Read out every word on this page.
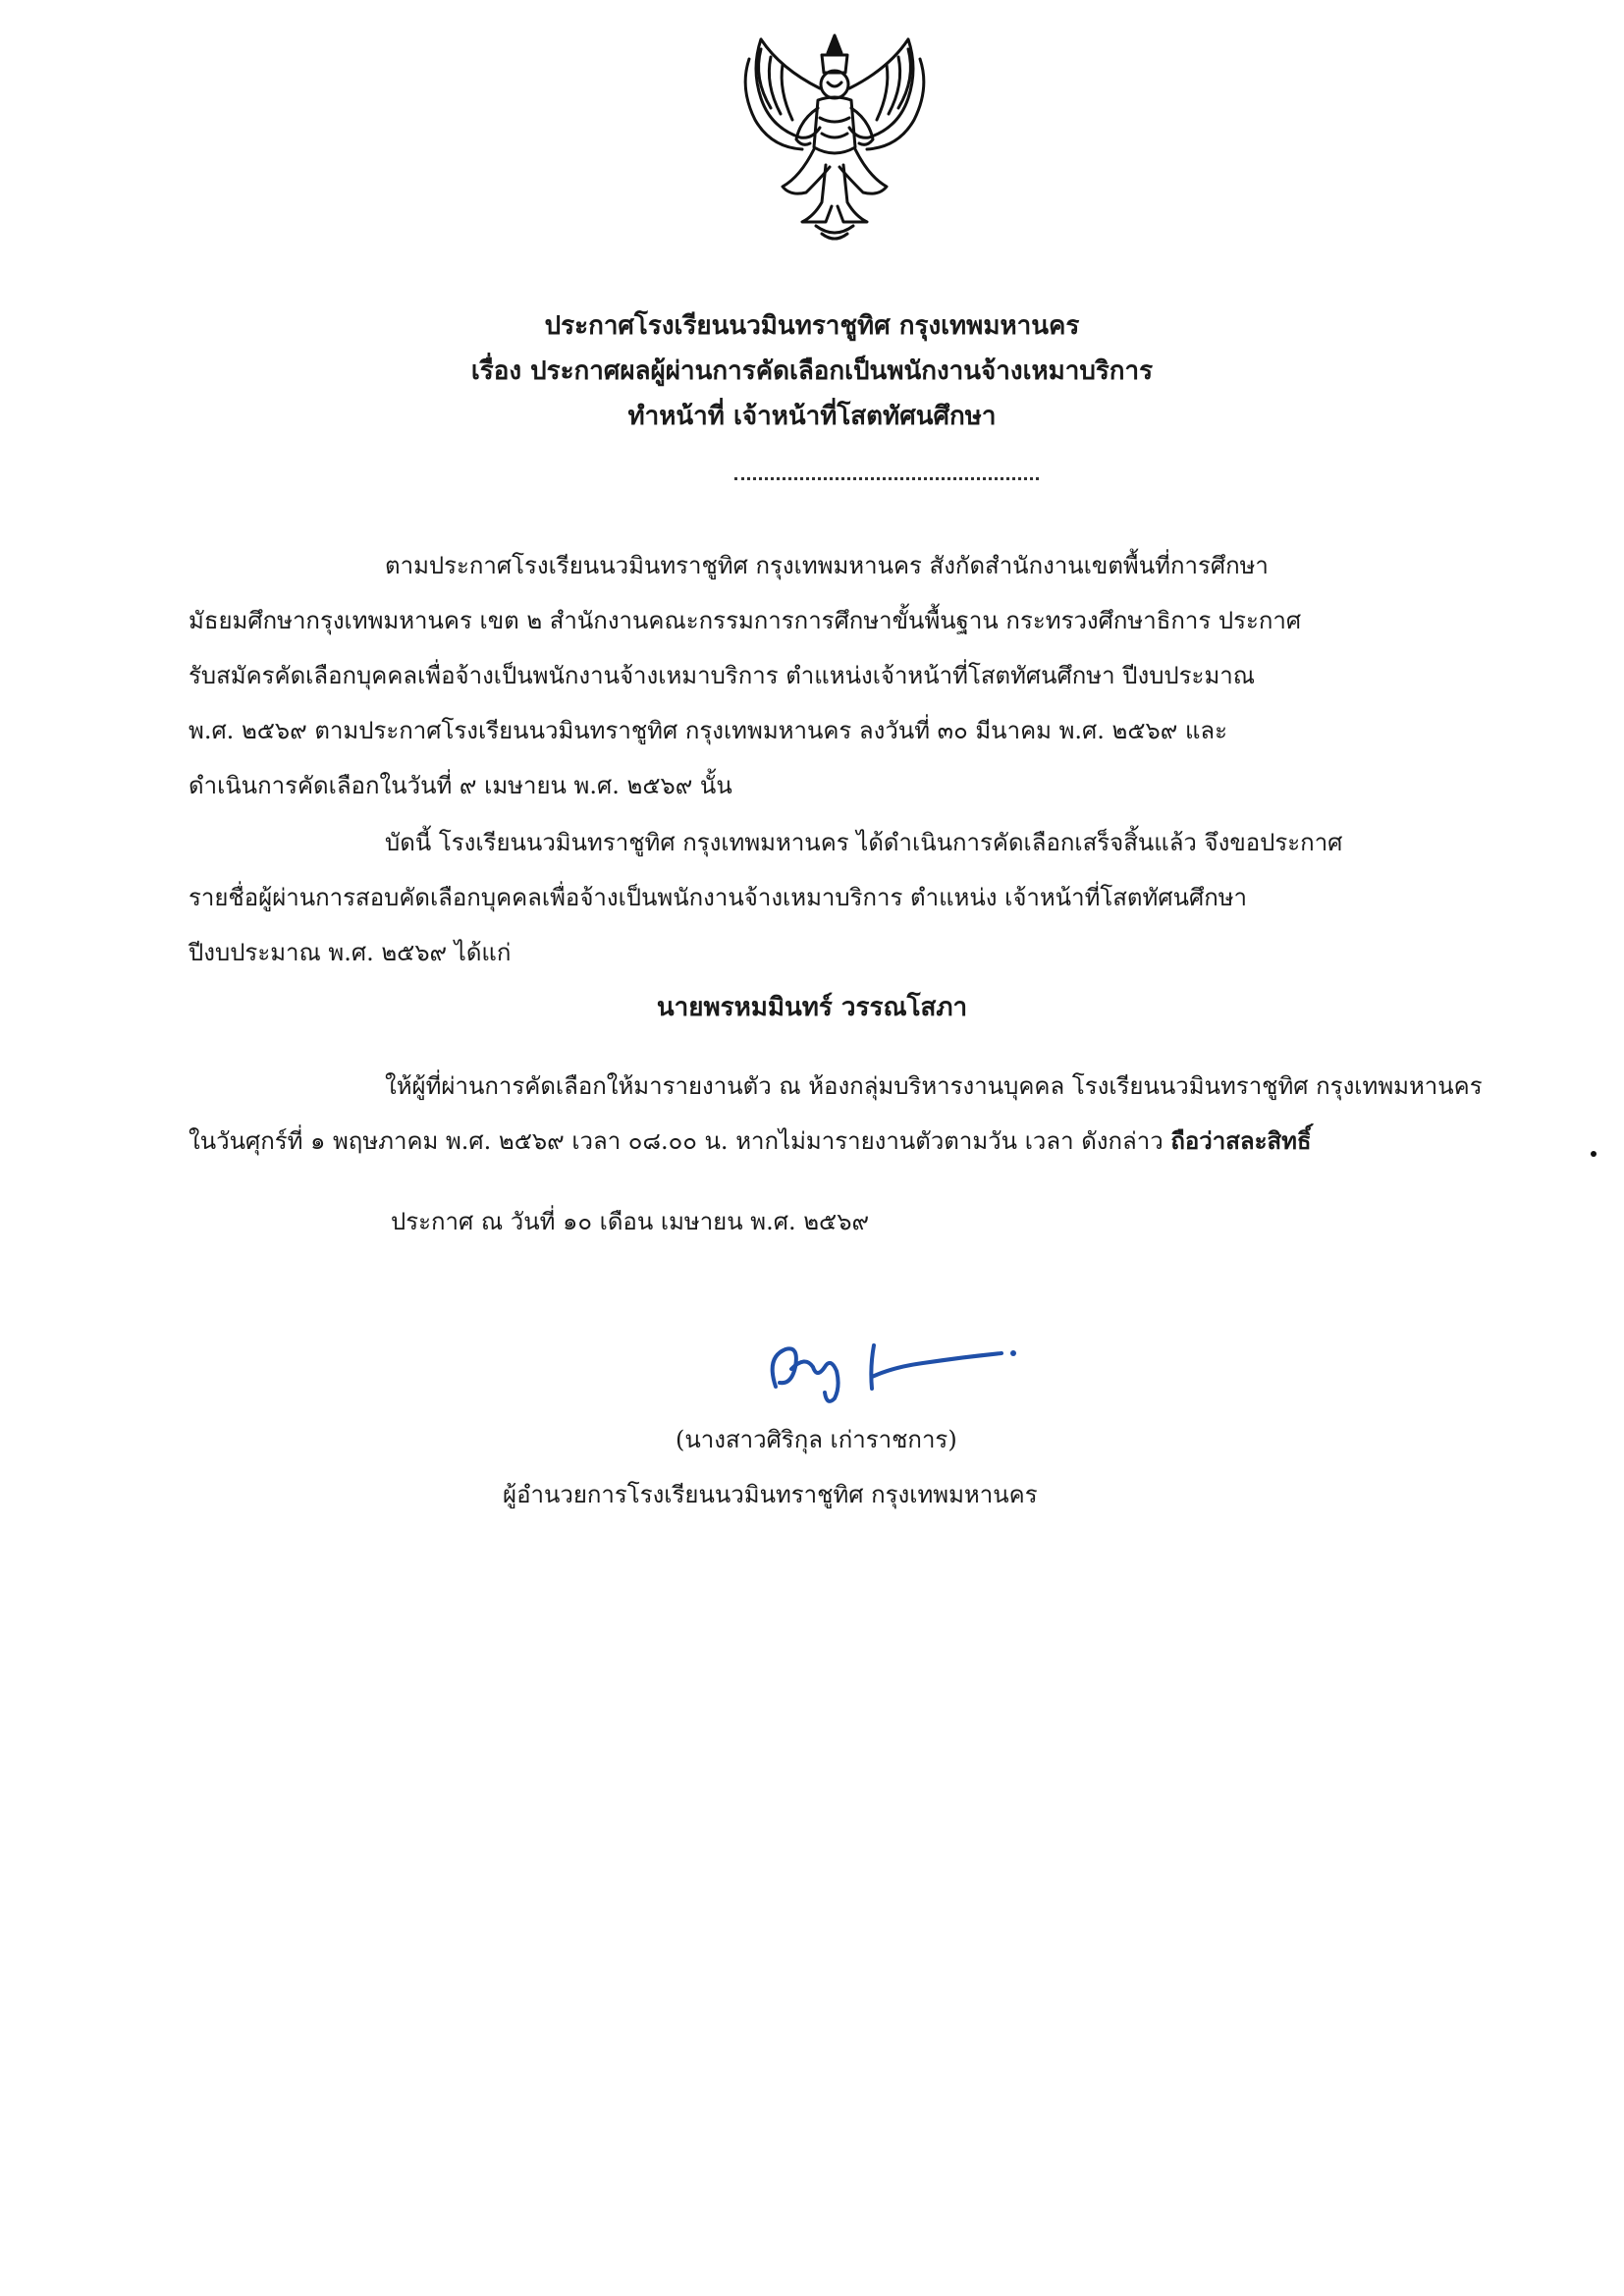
ประกาศโรงเรียนนวมินทราชูทิศ กรุงเทพมหานคร
เรื่อง ประกาศผลผู้ผ่านการคัดเลือกเป็นพนักงานจ้างเหมาบริการ
ทำหน้าที่ เจ้าหน้าที่โสตทัศนศึกษา
ตามประกาศโรงเรียนนวมินทราชูทิศ กรุงเทพมหานคร สังกัดสำนักงานเขตพื้นที่การศึกษา
มัธยมศึกษากรุงเทพมหานคร เขต ๒ สำนักงานคณะกรรมการการศึกษาขั้นพื้นฐาน กระทรวงศึกษาธิการ ประกาศ
รับสมัครคัดเลือกบุคคลเพื่อจ้างเป็นพนักงานจ้างเหมาบริการ ตำแหน่งเจ้าหน้าที่โสตทัศนศึกษา ปีงบประมาณ
พ.ศ. ๒๕๖๙ ตามประกาศโรงเรียนนวมินทราชูทิศ กรุงเทพมหานคร ลงวันที่ ๓๐ มีนาคม พ.ศ. ๒๕๖๙ และ
ดำเนินการคัดเลือกในวันที่ ๙ เมษายน พ.ศ. ๒๕๖๙ นั้น
บัดนี้ โรงเรียนนวมินทราชูทิศ กรุงเทพมหานคร ได้ดำเนินการคัดเลือกเสร็จสิ้นแล้ว จึงขอประกาศ
รายชื่อผู้ผ่านการสอบคัดเลือกบุคคลเพื่อจ้างเป็นพนักงานจ้างเหมาบริการ ตำแหน่ง เจ้าหน้าที่โสตทัศนศึกษา
ปีงบประมาณ พ.ศ. ๒๕๖๙ ได้แก่
นายพรหมมินทร์ วรรณโสภา
ให้ผู้ที่ผ่านการคัดเลือกให้มารายงานตัว ณ ห้องกลุ่มบริหารงานบุคคล โรงเรียนนวมินทราชูทิศ กรุงเทพมหานคร
ในวันศุกร์ที่ ๑ พฤษภาคม พ.ศ. ๒๕๖๙ เวลา ๐๘.๐๐ น. หากไม่มารายงานตัวตามวัน เวลา ดังกล่าว ถือว่าสละสิทธิ์
ประกาศ ณ วันที่ ๑๐ เดือน เมษายน พ.ศ. ๒๕๖๙
(นางสาวศิริกุล เก่าราชการ)
ผู้อำนวยการโรงเรียนนวมินทราชูทิศ กรุงเทพมหานคร
